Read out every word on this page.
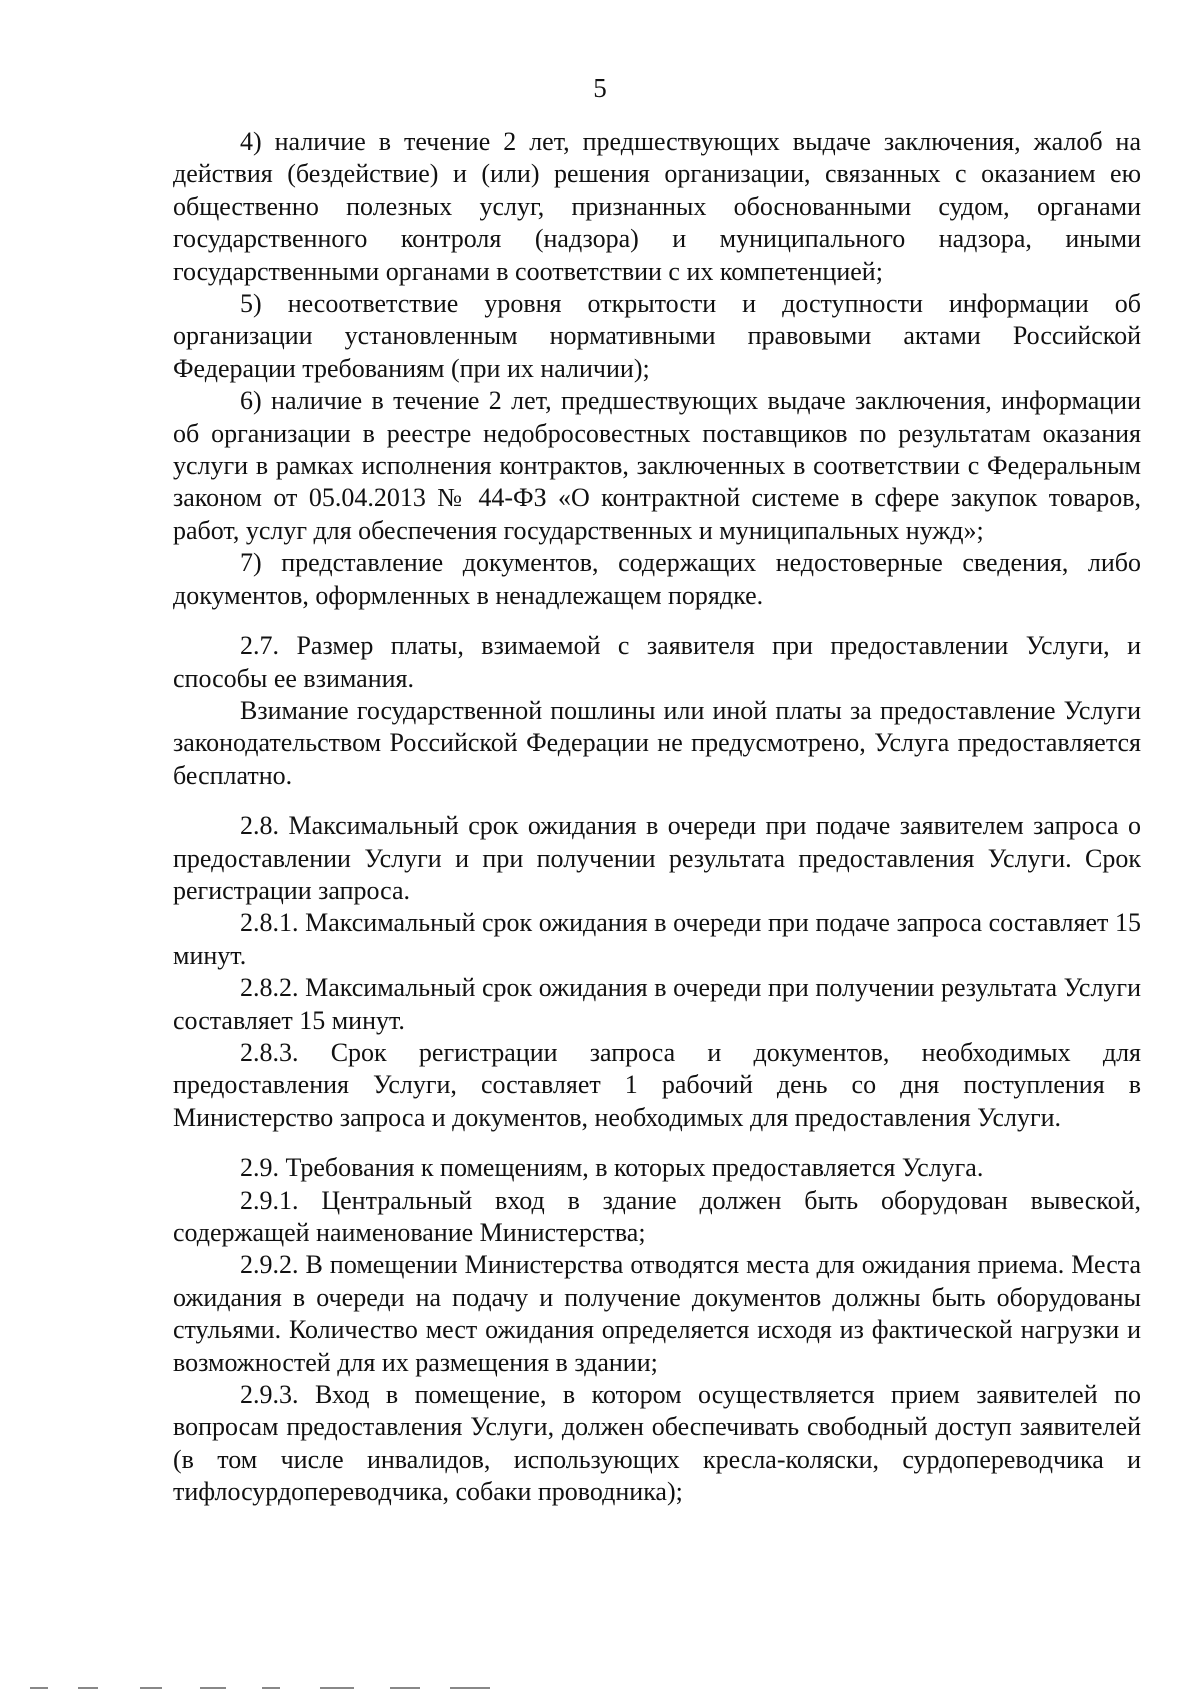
5

4) наличие в течение 2 лет, предшествующих выдаче заключения, жалоб на действия (бездействие) и (или) решения организации, связанных с оказанием ею общественно полезных услуг, признанных обоснованными судом, органами государственного контроля (надзора) и муниципального надзора, иными государственными органами в соответствии с их компетенцией;

5) несоответствие уровня открытости и доступности информации об организации установленным нормативными правовыми актами Российской Федерации требованиям (при их наличии);

6) наличие в течение 2 лет, предшествующих выдаче заключения, информации об организации в реестре недобросовестных поставщиков по результатам оказания услуги в рамках исполнения контрактов, заключенных в соответствии с Федеральным законом от 05.04.2013 № 44-ФЗ «О контрактной системе в сфере закупок товаров, работ, услуг для обеспечения государственных и муниципальных нужд»;

7) представление документов, содержащих недостоверные сведения, либо документов, оформленных в ненадлежащем порядке.

2.7. Размер платы, взимаемой с заявителя при предоставлении Услуги, и способы ее взимания.

Взимание государственной пошлины или иной платы за предоставление Услуги законодательством Российской Федерации не предусмотрено, Услуга предоставляется бесплатно.

2.8. Максимальный срок ожидания в очереди при подаче заявителем запроса о предоставлении Услуги и при получении результата предоставления Услуги. Срок регистрации запроса.

2.8.1. Максимальный срок ожидания в очереди при подаче запроса составляет 15 минут.

2.8.2. Максимальный срок ожидания в очереди при получении результата Услуги составляет 15 минут.

2.8.3. Срок регистрации запроса и документов, необходимых для предоставления Услуги, составляет 1 рабочий день со дня поступления в Министерство запроса и документов, необходимых для предоставления Услуги.

2.9. Требования к помещениям, в которых предоставляется Услуга.

2.9.1. Центральный вход в здание должен быть оборудован вывеской, содержащей наименование Министерства;

2.9.2. В помещении Министерства отводятся места для ожидания приема. Места ожидания в очереди на подачу и получение документов должны быть оборудованы стульями. Количество мест ожидания определяется исходя из фактической нагрузки и возможностей для их размещения в здании;

2.9.3. Вход в помещение, в котором осуществляется прием заявителей по вопросам предоставления Услуги, должен обеспечивать свободный доступ заявителей (в том числе инвалидов, использующих кресла-коляски, сурдопереводчика и тифлосурдопереводчика, собаки проводника);
